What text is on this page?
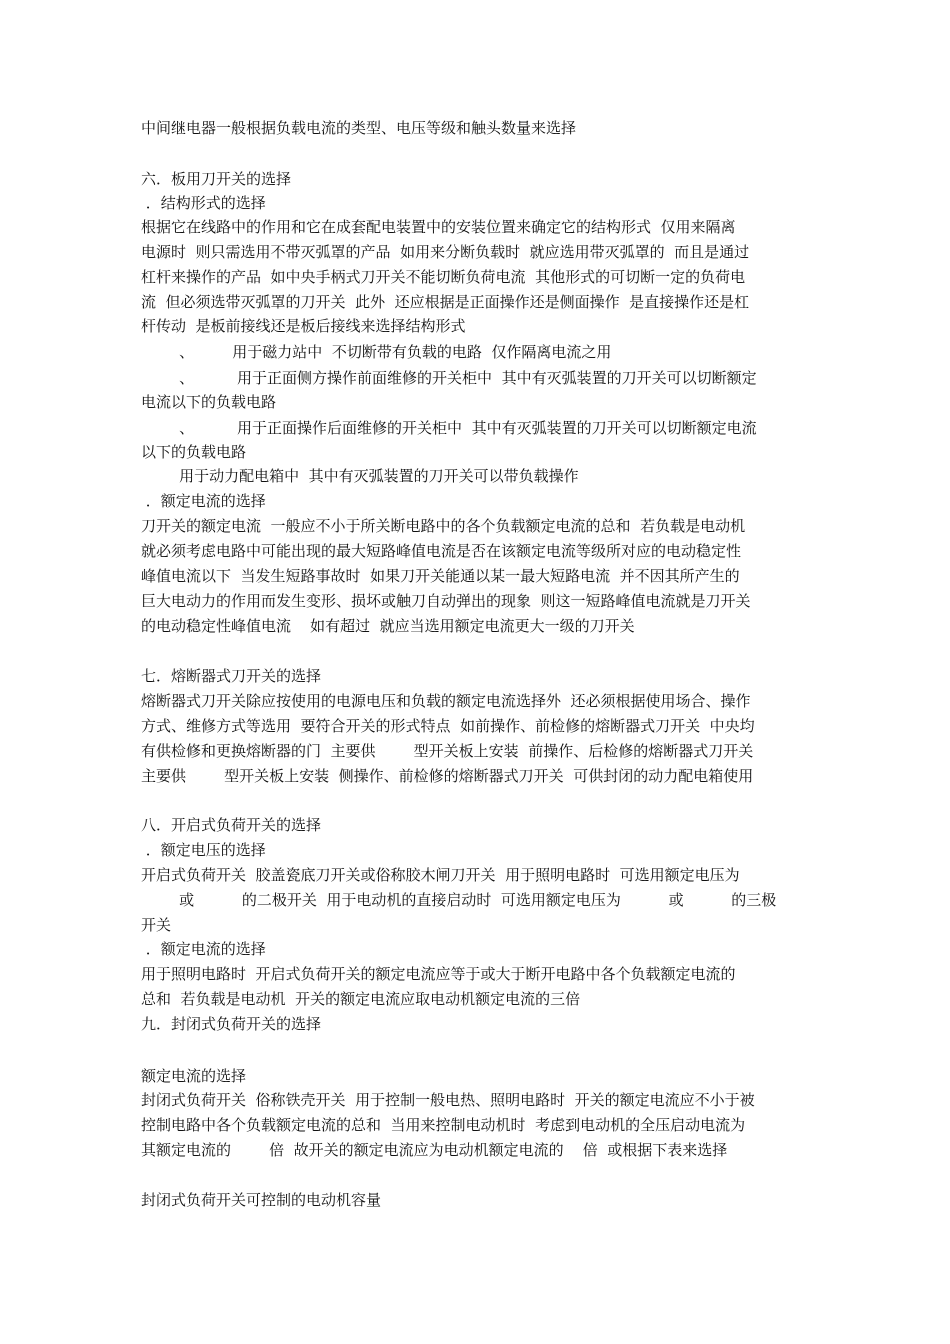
中间继电器一般根据负载电流的类型、电压等级和触头数量来选择
六．板用刀开关的选择
．结构形式的选择
根据它在线路中的作用和它在成套配电装置中的安装位置来确定它的结构形式  仅用来隔离
电源时  则只需选用不带灭弧罩的产品  如用来分断负载时  就应选用带灭弧罩的  而且是通过
杠杆来操作的产品  如中央手柄式刀开关不能切断负荷电流  其他形式的可切断一定的负荷电
流  但必须选带灭弧罩的刀开关  此外  还应根据是正面操作还是侧面操作  是直接操作还是杠
杆传动  是板前接线还是板后接线来选择结构形式
、        用于磁力站中  不切断带有负载的电路  仅作隔离电流之用
、         用于正面侧方操作前面维修的开关柜中  其中有灭弧装置的刀开关可以切断额定
电流以下的负载电路
、         用于正面操作后面维修的开关柜中  其中有灭弧装置的刀开关可以切断额定电流
以下的负载电路
用于动力配电箱中  其中有灭弧装置的刀开关可以带负载操作
．额定电流的选择
刀开关的额定电流  一般应不小于所关断电路中的各个负载额定电流的总和  若负载是电动机
就必须考虑电路中可能出现的最大短路峰值电流是否在该额定电流等级所对应的电动稳定性
峰值电流以下  当发生短路事故时  如果刀开关能通以某一最大短路电流  并不因其所产生的
巨大电动力的作用而发生变形、损坏或触刀自动弹出的现象  则这一短路峰值电流就是刀开关
的电动稳定性峰值电流    如有超过  就应当选用额定电流更大一级的刀开关
七．熔断器式刀开关的选择
熔断器式刀开关除应按使用的电源电压和负载的额定电流选择外  还必须根据使用场合、操作
方式、维修方式等选用  要符合开关的形式特点  如前操作、前检修的熔断器式刀开关  中央均
有供检修和更换熔断器的门  主要供        型开关板上安装  前操作、后检修的熔断器式刀开关
主要供        型开关板上安装  侧操作、前检修的熔断器式刀开关  可供封闭的动力配电箱使用
八．开启式负荷开关的选择
．额定电压的选择
开启式负荷开关  胶盖瓷底刀开关或俗称胶木闸刀开关  用于照明电路时  可选用额定电压为
或          的二极开关  用于电动机的直接启动时  可选用额定电压为          或          的三极
开关
．额定电流的选择
用于照明电路时  开启式负荷开关的额定电流应等于或大于断开电路中各个负载额定电流的
总和  若负载是电动机  开关的额定电流应取电动机额定电流的三倍
九．封闭式负荷开关的选择
额定电流的选择
封闭式负荷开关  俗称铁壳开关  用于控制一般电热、照明电路时  开关的额定电流应不小于被
控制电路中各个负载额定电流的总和  当用来控制电动机时  考虑到电动机的全压启动电流为
其额定电流的        倍  故开关的额定电流应为电动机额定电流的    倍  或根据下表来选择
封闭式负荷开关可控制的电动机容量
